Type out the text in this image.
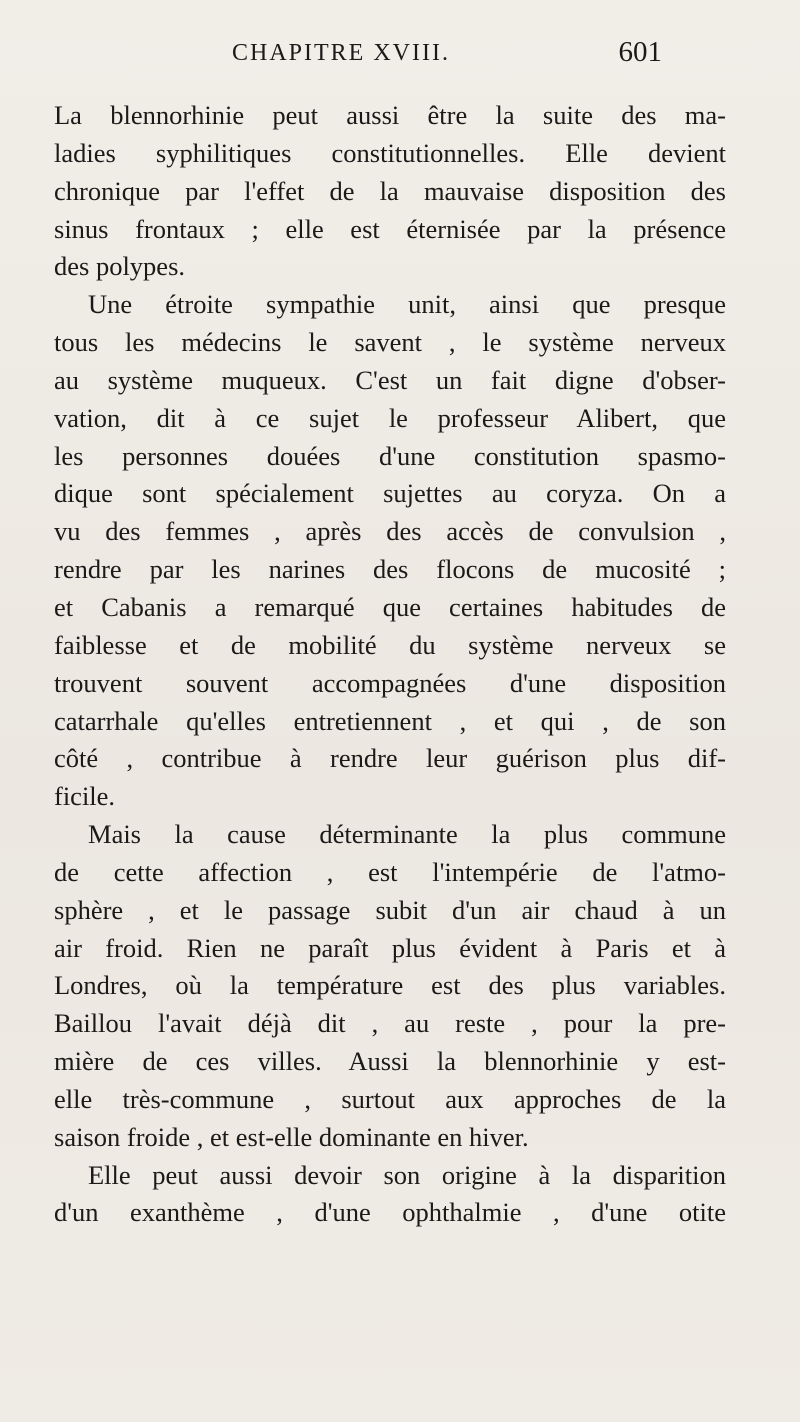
CHAPITRE XVIII.	601
La blennorhinie peut aussi être la suite des ma-
ladies syphilitiques constitutionnelles. Elle devient
chronique par l'effet de la mauvaise disposition des
sinus frontaux ; elle est éternisée par la présence
des polypes.
Une étroite sympathie unit, ainsi que presque
tous les médecins le savent , le système nerveux
au système muqueux. C'est un fait digne d'obser-
vation, dit à ce sujet le professeur Alibert, que
les personnes douées d'une constitution spasmo-
dique sont spécialement sujettes au coryza. On a
vu des femmes , après des accès de convulsion ,
rendre par les narines des flocons de mucosité ;
et Cabanis a remarqué que certaines habitudes de
faiblesse et de mobilité du système nerveux se
trouvent souvent accompagnées d'une disposition
catarrhale qu'elles entretiennent , et qui , de son
côté , contribue à rendre leur guérison plus dif-
ficile.
Mais la cause déterminante la plus commune
de cette affection , est l'intempérie de l'atmo-
sphère , et le passage subit d'un air chaud à un
air froid. Rien ne paraît plus évident à Paris et à
Londres, où la température est des plus variables.
Baillou l'avait déjà dit , au reste , pour la pre-
mière de ces villes. Aussi la blennorhinie y est-
elle très-commune , surtout aux approches de la
saison froide , et est-elle dominante en hiver.
Elle peut aussi devoir son origine à la disparition
d'un exanthème , d'une ophthalmie , d'une otite
